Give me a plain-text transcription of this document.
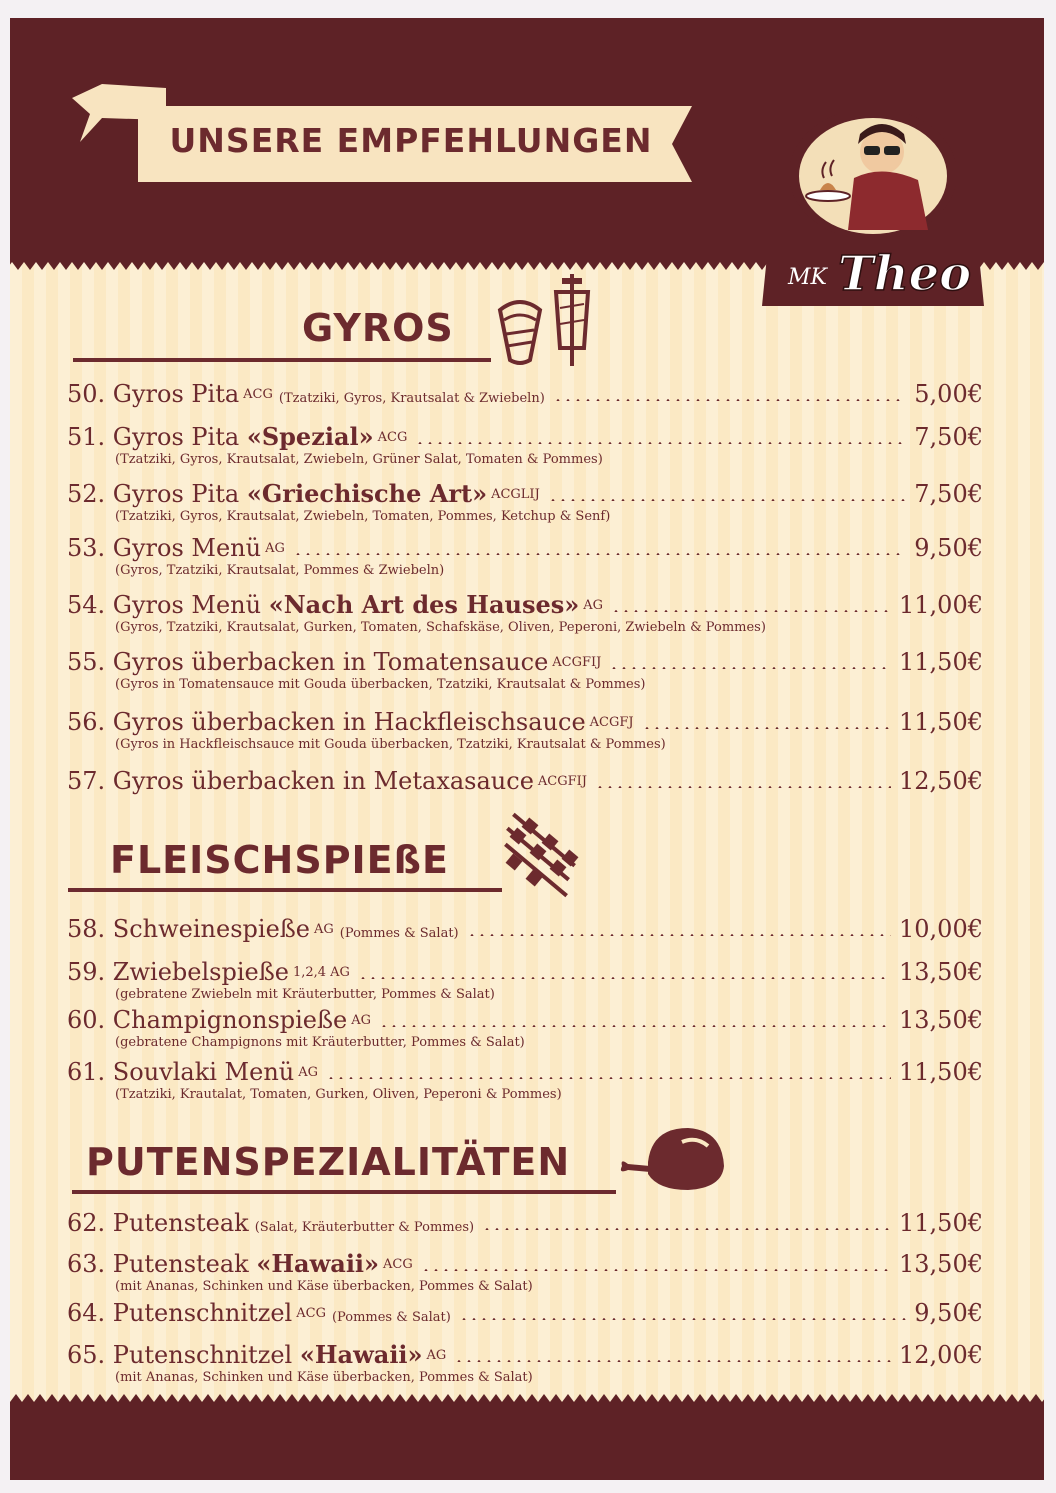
UNSERE EMPFEHLUNGEN
MK Theo
GYROS
FLEISCHSPIEßE
PUTENSPEZIALITÄTEN
50. Gyros Pita ACG (Tzatziki, Gyros, Krautsalat & Zwiebeln)	5,00€
51. Gyros Pita «Spezial» ACG	7,50€
(Tzatziki, Gyros, Krautsalat, Zwiebeln, Grüner Salat, Tomaten & Pommes)
52. Gyros Pita «Griechische Art» ACGLIJ	7,50€
(Tzatziki, Gyros, Krautsalat, Zwiebeln, Tomaten, Pommes, Ketchup & Senf)
53. Gyros Menü AG	9,50€
(Gyros, Tzatziki, Krautsalat, Pommes & Zwiebeln)
54. Gyros Menü «Nach Art des Hauses» AG	11,00€
(Gyros, Tzatziki, Krautsalat, Gurken, Tomaten, Schafskäse, Oliven, Peperoni, Zwiebeln & Pommes)
55. Gyros überbacken in Tomatensauce ACGFIJ	11,50€
(Gyros in Tomatensauce mit Gouda überbacken, Tzatziki, Krautsalat & Pommes)
56. Gyros überbacken in Hackfleischsauce ACGFJ	11,50€
(Gyros in Hackfleischsauce mit Gouda überbacken, Tzatziki, Krautsalat & Pommes)
57. Gyros überbacken in Metaxasauce ACGFIJ	12,50€
58. Schweinespieße AG (Pommes & Salat)	10,00€
59. Zwiebelspieße 1,2,4 AG	13,50€
(gebratene Zwiebeln mit Kräuterbutter, Pommes & Salat)
60. Champignonspieße AG	13,50€
(gebratene Champignons mit Kräuterbutter, Pommes & Salat)
61. Souvlaki Menü AG	11,50€
(Tzatziki, Krautalat, Tomaten, Gurken, Oliven, Peperoni & Pommes)
62. Putensteak (Salat, Kräuterbutter & Pommes)	11,50€
63. Putensteak «Hawaii» ACG	13,50€
(mit Ananas, Schinken und Käse überbacken, Pommes & Salat)
64. Putenschnitzel ACG (Pommes & Salat)	9,50€
65. Putenschnitzel «Hawaii» AG	12,00€
(mit Ananas, Schinken und Käse überbacken, Pommes & Salat)
